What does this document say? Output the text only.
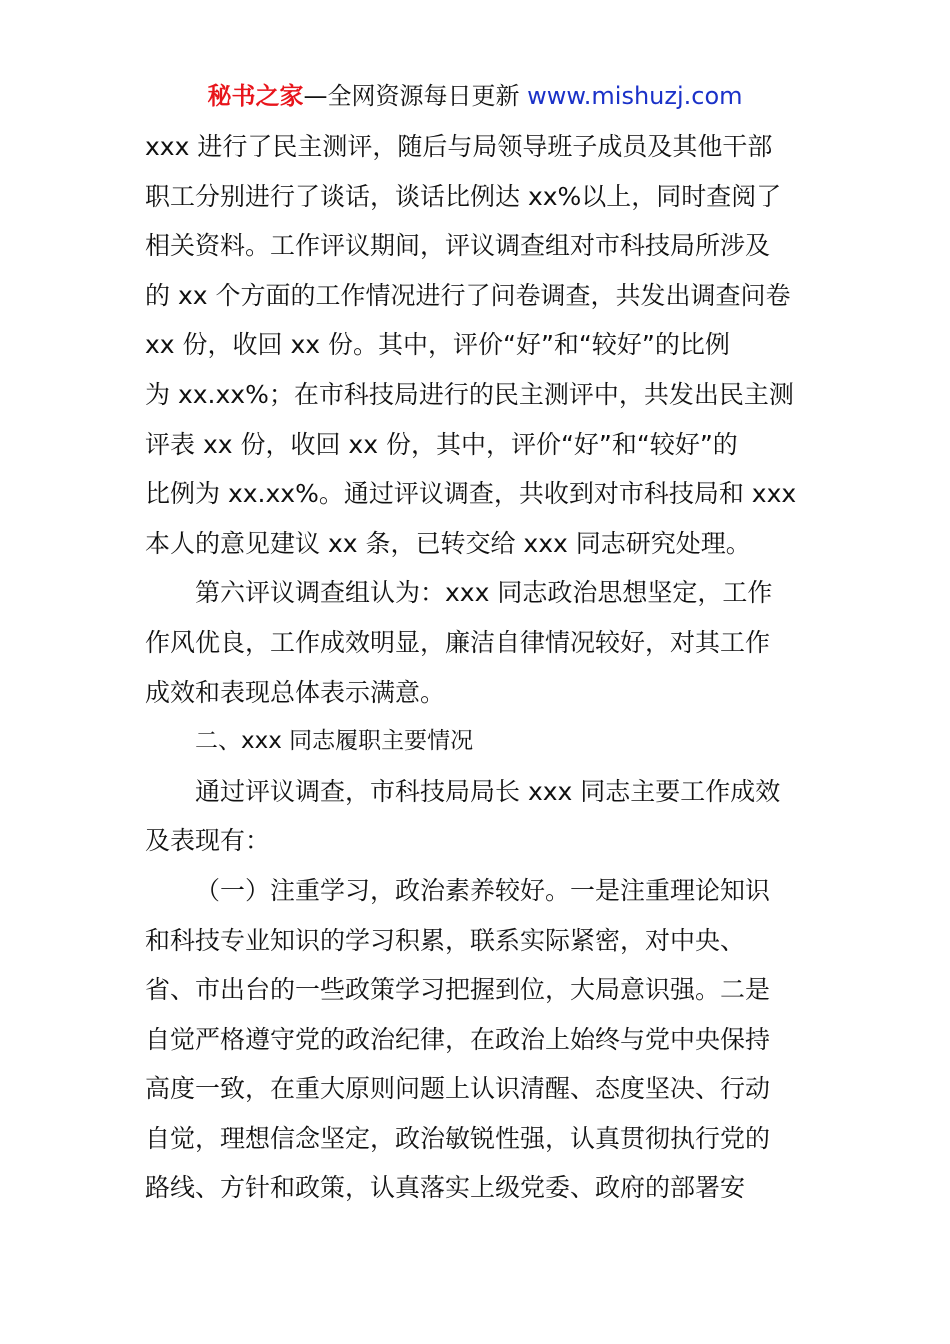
秘书之家—全网资源每日更新 www.mishuzj.com
xxx 进行了民主测评，随后与局领导班子成员及其他干部
职工分别进行了谈话，谈话比例达 xx%以上，同时查阅了
相关资料。工作评议期间，评议调查组对市科技局所涉及
的 xx 个方面的工作情况进行了问卷调查，共发出调查问卷
xx 份，收回 xx 份。其中，评价“好”和“较好”的比例
为 xx.xx%；在市科技局进行的民主测评中，共发出民主测
评表 xx 份，收回 xx 份，其中，评价“好”和“较好”的
比例为 xx.xx%。通过评议调查，共收到对市科技局和 xxx
本人的意见建议 xx 条，已转交给 xxx 同志研究处理。
第六评议调查组认为：xxx 同志政治思想坚定，工作
作风优良，工作成效明显，廉洁自律情况较好，对其工作
成效和表现总体表示满意。
二、xxx 同志履职主要情况
通过评议调查，市科技局局长 xxx 同志主要工作成效
及表现有：
（一）注重学习，政治素养较好。一是注重理论知识
和科技专业知识的学习积累，联系实际紧密，对中央、
省、市出台的一些政策学习把握到位，大局意识强。二是
自觉严格遵守党的政治纪律，在政治上始终与党中央保持
高度一致，在重大原则问题上认识清醒、态度坚决、行动
自觉，理想信念坚定，政治敏锐性强，认真贯彻执行党的
路线、方针和政策，认真落实上级党委、政府的部署安
